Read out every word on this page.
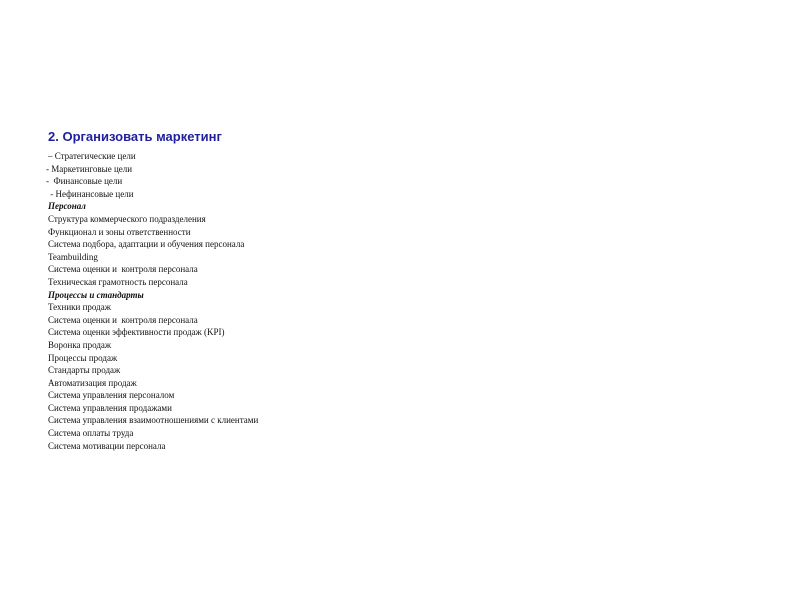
2. Организовать маркетинг
– Стратегические цели
- Маркетинговые цели
-  Финансовые цели
- Нефинансовые цели
Персонал
Структура коммерческого подразделения
Функционал и зоны ответственности
Система подбора, адаптации и обучения персонала
Teambuilding
Система оценки и  контроля персонала
Техническая грамотность персонала
Процессы и стандарты
Техники продаж
Система оценки и  контроля персонала
Система оценки эффективности продаж (KPI)
Воронка продаж
Процессы продаж
Стандарты продаж
Автоматизация продаж
Система управления персоналом
Система управления продажами
Система управления взаимоотношениями с клиентами
Система оплаты труда
Система мотивации персонала
